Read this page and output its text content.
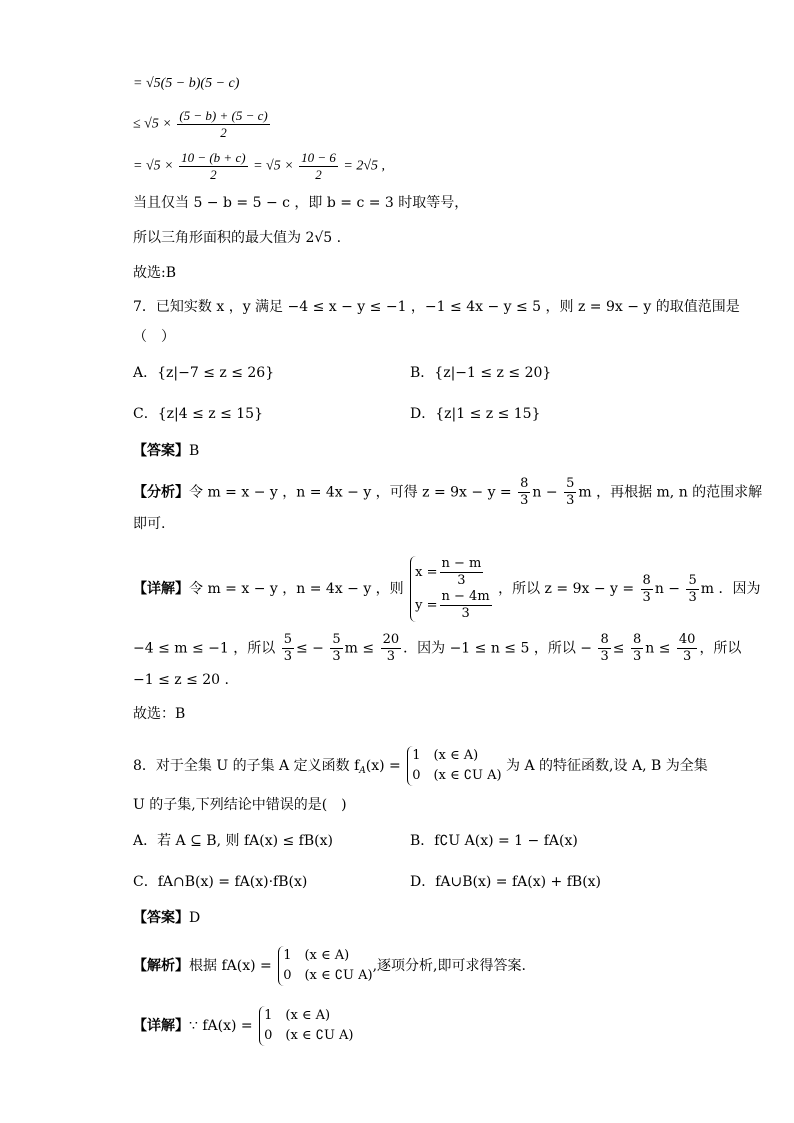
= √5(5 − b)(5 − c)
≤ $√5 \times \frac{(5 - b) + (5 - c)}{2}$
= $√5 \times \frac{10 - (b + c)}{2} = √5 \times \frac{10 - 6}{2} = 2√5$ ,
当且仅当 5 − b = 5 − c ，即 b = c = 3 时取等号，
所以三角形面积的最大值为 2√5 .
故选:B
7．已知实数 x ，y 满足 −4 ≤ x − y ≤ −1 ，−1 ≤ 4x − y ≤ 5 ，则 z = 9x − y 的取值范围是
（　）
A．{z|−7 ≤ z ≤ 26}	B．{z|−1 ≤ z ≤ 20}
C．{z|4 ≤ z ≤ 15}	D．{z|1 ≤ z ≤ 15}
【答案】B
【分析】令 m = x − y ，n = 4x − y ，可得 $z = 9x - y = \frac{8}{3}$ $n - \frac{5}{3}$ m ，再根据 m, n 的范围求解
即可.
【详解】令 m = x − y ，n = 4x − y ，则
$x = \frac{n - m}{3}$
$y = \frac{n - 4m}{3}$ ，所以 $z = 9x - y = \frac{8}{3}$ $n - \frac{5}{3}$ m ．因为
−4 ≤ m ≤ −1 ，所以 $\frac{5}{3}$ ≤ − $\frac{5}{3}$ $m \le \frac{20}{3}$ ．因为 −1 ≤ n ≤ 5 ，所以 − $\frac{8}{3} \le \frac{8}{3}$ $n \le \frac{40}{3}$ ，所以
−1 ≤ z ≤ 20 .
故选：B
8．对于全集 U 的子集 A 定义函数 $f_A(x)$ =
1　(x ∈ A)
0　(x ∈ ∁U A)
为 A 的特征函数,设 A, B 为全集
U 的子集,下列结论中错误的是(　)
A．若 A ⊆ B, 则 fA(x) ≤ fB(x)	B．f∁U A(x) = 1 − fA(x)
C．fA∩B(x) = fA(x)·fB(x)	D．fA∪B(x) = fA(x) + fB(x)
【答案】D
【解析】根据 fA(x) =
1　(x ∈ A)
0　(x ∈ ∁U A)
,逐项分析,即可求得答案.
【详解】∵ fA(x) =
1　(x ∈ A)
0　(x ∈ ∁U A)
